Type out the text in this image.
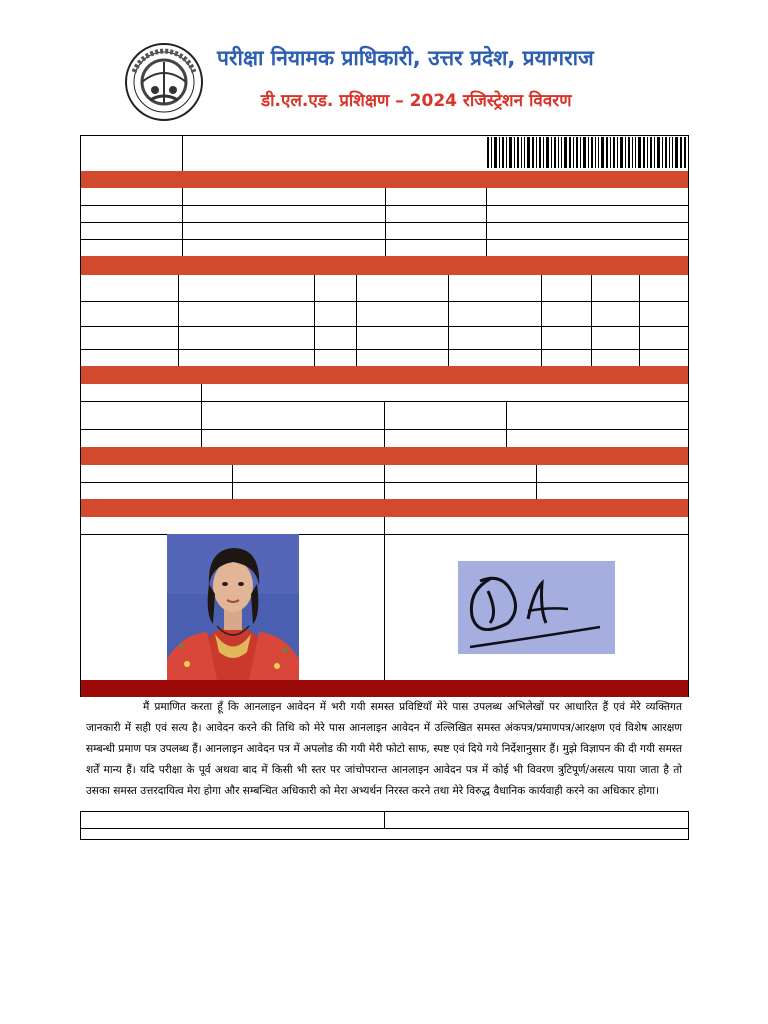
परीक्षा नियामक प्राधिकारी, उत्तर प्रदेश, प्रयागराज
डी.एल.एड. प्रशिक्षण – 2024 रजिस्ट्रेशन विवरण
मैं प्रमाणित करता हूँ कि आनलाइन आवेदन में भरी गयी समस्त प्रविष्टियाँ मेरे पास उपलब्ध अभिलेखों पर आधारित हैं एवं मेरे व्यक्तिगत जानकारी में सही एवं सत्य है। आवेदन करने की तिथि को मेरे पास आनलाइन आवेदन में उल्लिखित समस्त अंकपत्र/प्रमाणपत्र/आरक्षण एवं विशेष आरक्षण सम्बन्धी प्रमाण पत्र उपलब्ध हैं। आनलाइन आवेदन पत्र में अपलोड की गयी मेरी फोटो साफ, स्पष्ट एवं दिये गये निर्देशानुसार हैं। मुझे विज्ञापन की दी गयी समस्त शर्तें मान्य हैं। यदि परीक्षा के पूर्व अथवा बाद में किसी भी स्तर पर जांचोपरान्त आनलाइन आवेदन पत्र में कोई भी विवरण त्रुटिपूर्ण/असत्य पाया जाता है तो उसका समस्त उत्तरदायित्व मेरा होगा और सम्बन्धित अधिकारी को मेरा अभ्यर्थन निरस्त करने तथा मेरे विरुद्ध वैधानिक कार्यवाही करने का अधिकार होगा।
